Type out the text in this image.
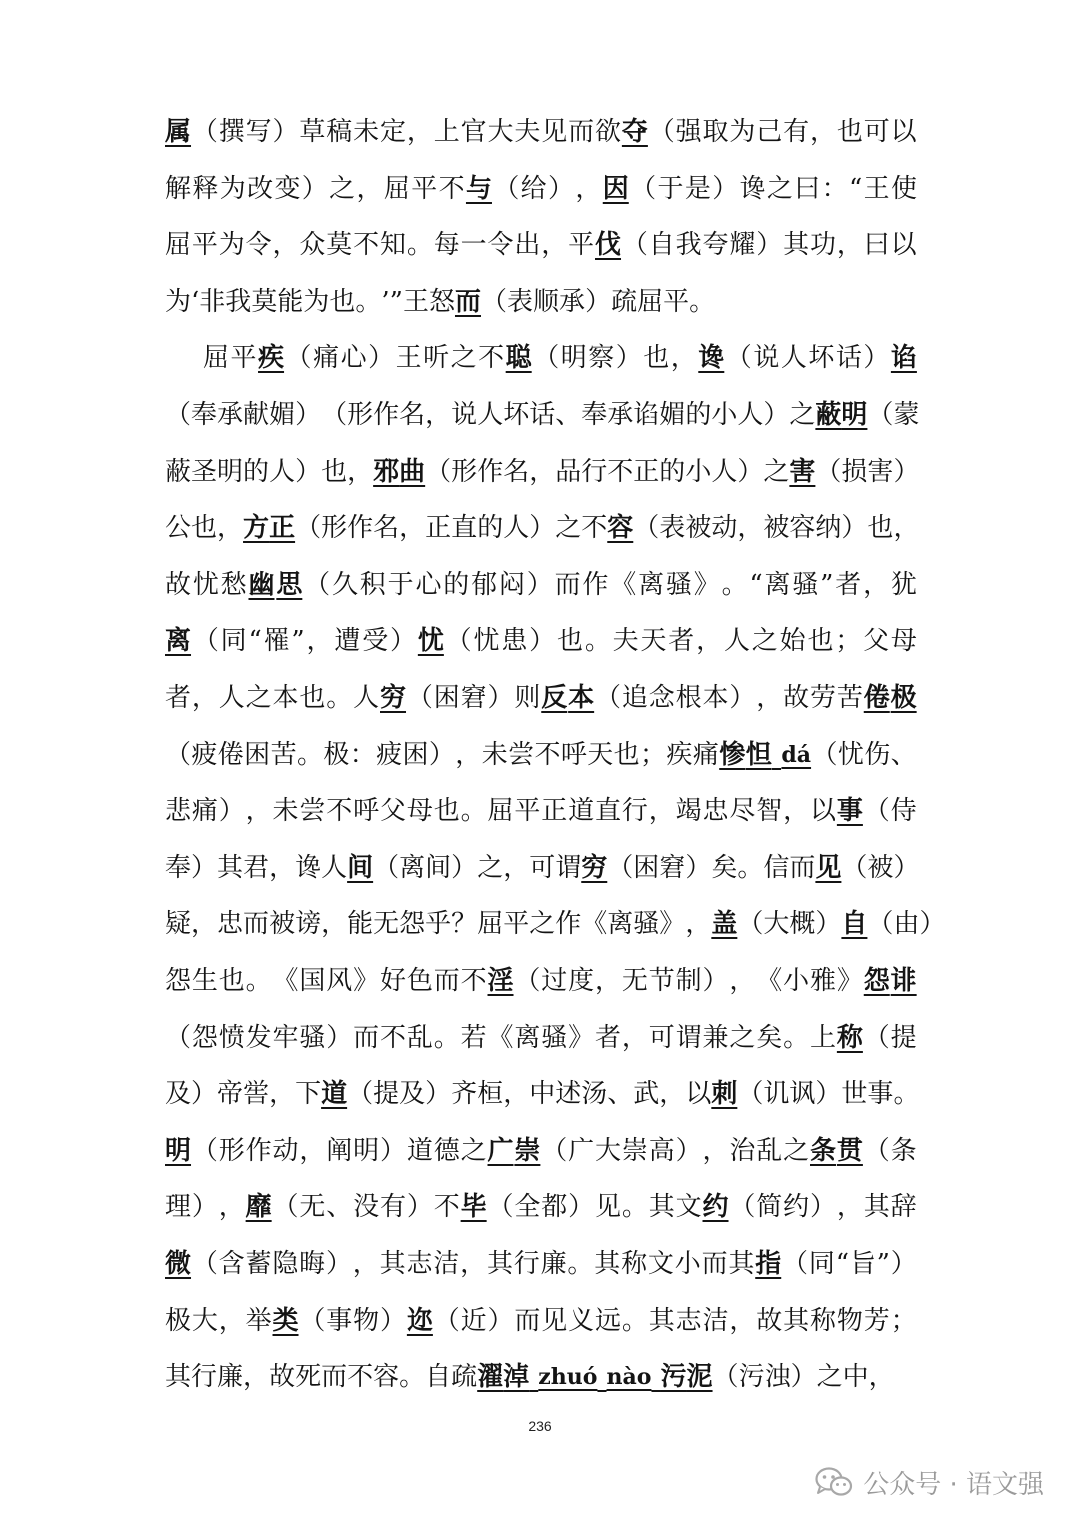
属 （ 撰 写 ） 草 稿 未 定 ， 上 官 大 夫 见 而 欲 夺 （ 强 取 为 己 有 ， 也 可 以
解 释 为 改 变 ） 之 ， 屈 平 不 与 （ 给 ） ， 因 （ 于 是 ） 谗 之 曰 ： “ 王 使
屈 平 为 令 ， 众 莫 不 知 。 每 一 令 出 ， 平 伐 （ 自 我 夸 耀 ） 其 功 ， 曰 以
为 ‘ 非 我 莫 能 为 也 。 ’ ” 王 怒 而 （ 表 顺 承 ） 疏 屈 平 。
屈 平 疾 （ 痛 心 ） 王 听 之 不 聪 （ 明 察 ） 也 ， 谗 （ 说 人 坏 话 ） 谄
（ 奉 承 献 媚 ） （ 形 作 名 ， 说 人 坏 话 、 奉 承 谄 媚 的 小 人 ） 之 蔽 明 （ 蒙
蔽 圣 明 的 人 ） 也 ， 邪 曲 （ 形 作 名 ， 品 行 不 正 的 小 人 ） 之 害 （ 损 害 ）
公 也 ， 方 正 （ 形 作 名 ， 正 直 的 人 ） 之 不 容 （ 表 被 动 ， 被 容 纳 ） 也 ，
故 忧 愁 幽 思 （ 久 积 于 心 的 郁 闷 ） 而 作 《 离 骚 》 。 “ 离 骚 ” 者 ， 犹
离 （ 同 “ 罹 ” ， 遭 受 ） 忧 （ 忧 患 ） 也 。 夫 天 者 ， 人 之 始 也 ； 父 母
者 ， 人 之 本 也 。 人 穷 （ 困 窘 ） 则 反 本 （ 追 念 根 本 ） ， 故 劳 苦 倦 极
（ 疲 倦 困 苦 。 极 ： 疲 困 ） ， 未 尝 不 呼 天 也 ； 疾 痛 惨 怛
dá （ 忧 伤 、
悲 痛 ） ， 未 尝 不 呼 父 母 也 。 屈 平 正 道 直 行 ， 竭 忠 尽 智 ， 以 事 （ 侍
奉 ） 其 君 ， 谗 人 间 （ 离 间 ） 之 ， 可 谓 穷 （ 困 窘 ） 矣 。 信 而 见 （ 被 ）
疑 ， 忠 而 被 谤 ， 能 无 怨 乎 ？ 屈 平 之 作 《 离 骚 》 ， 盖 （ 大 概 ） 自 （ 由 ）
怨 生 也 。 《 国 风 》 好 色 而 不 淫 （ 过 度 ， 无 节 制 ） ， 《 小 雅 》 怨 诽
（ 怨 愤 发 牢 骚 ） 而 不 乱 。 若 《 离 骚 》 者 ， 可 谓 兼 之 矣 。 上 称 （ 提
及 ） 帝 喾 ， 下 道 （ 提 及 ） 齐 桓 ， 中 述 汤 、 武 ， 以 刺 （ 讥 讽 ） 世 事 。
明 （ 形 作 动 ， 阐 明 ） 道 德 之 广 崇 （ 广 大 崇 高 ） ， 治 乱 之 条 贯 （ 条
理 ） ， 靡 （ 无 、 没 有 ） 不 毕 （ 全 都 ） 见 。 其 文 约 （ 简 约 ） ， 其 辞
微 （ 含 蓄 隐 晦 ） ， 其 志 洁 ， 其 行 廉 。 其 称 文 小 而 其 指 （ 同 “ 旨 ” ）
极 大 ， 举 类 （ 事 物 ） 迩 （ 近 ） 而 见 义 远 。 其 志 洁 ， 故 其 称 物 芳 ；
其 行 廉 ， 故 死 而 不 容 。 自 疏 濯 淖
zhuó
nào
污 泥 （ 污 浊 ） 之 中 ，
236
公众号 · 语文强
